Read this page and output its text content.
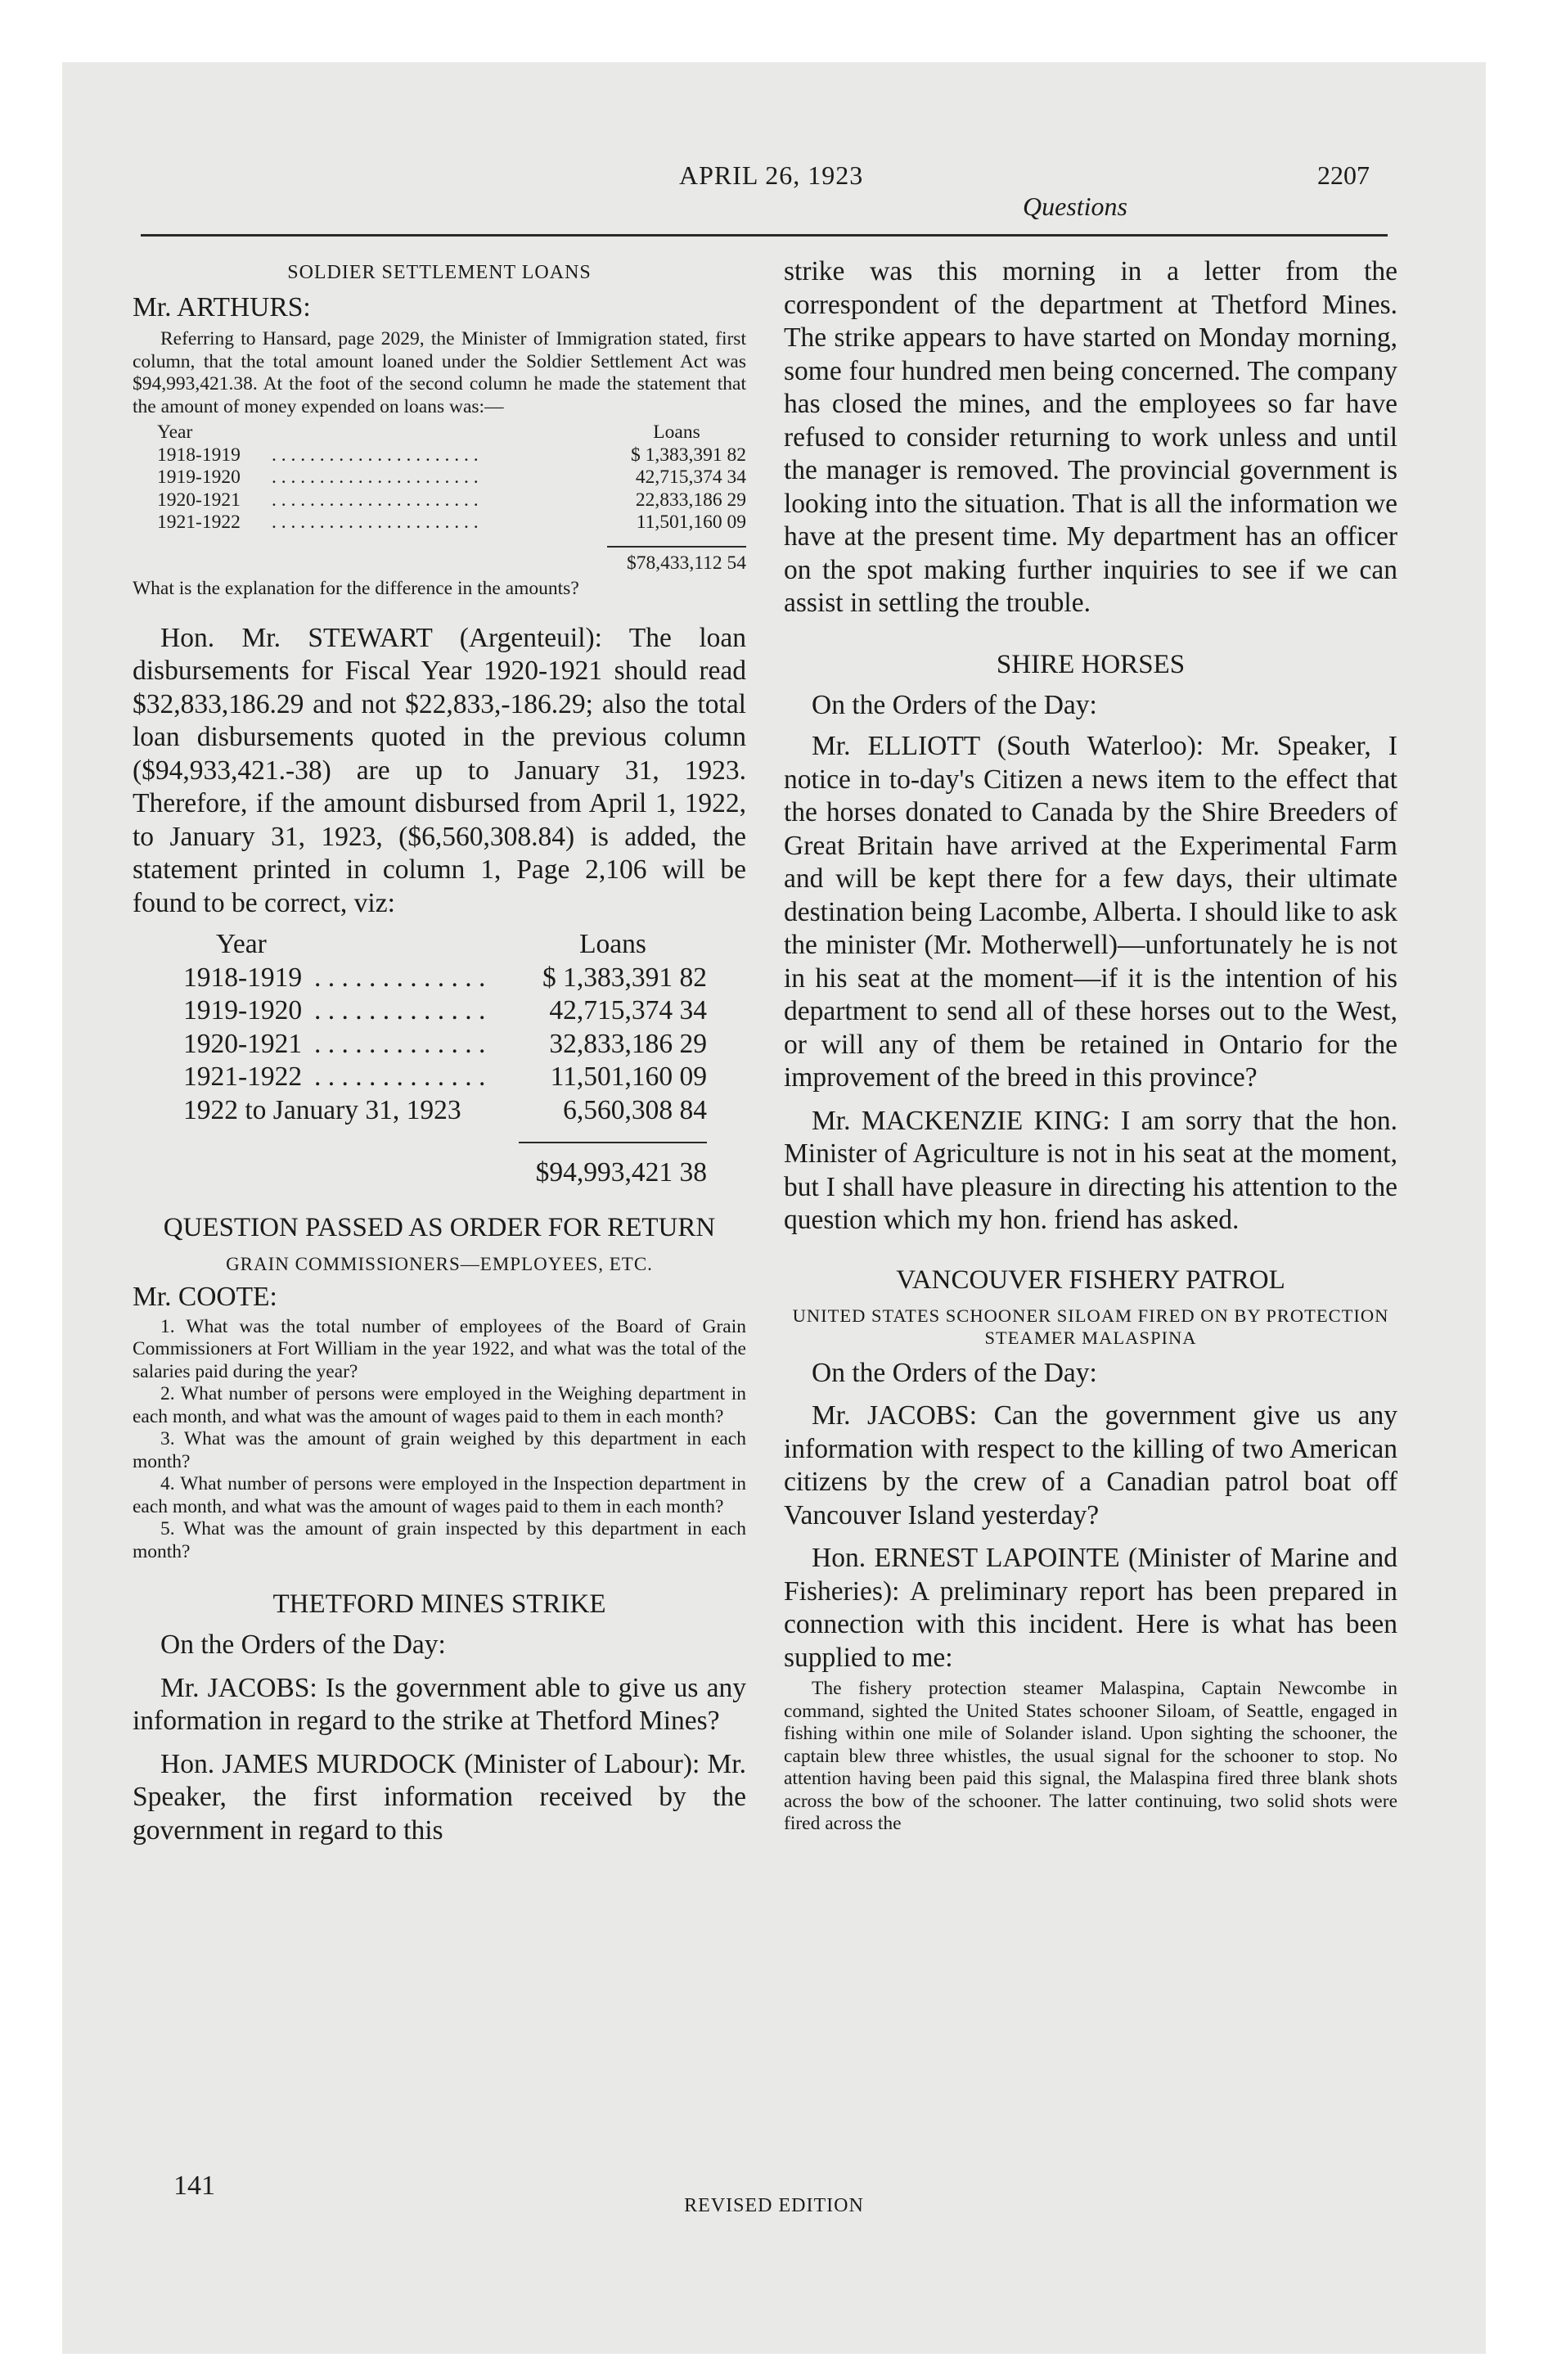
APRIL 26, 1923	2207
Questions

SOLDIER SETTLEMENT LOANS

Mr. ARTHURS:

Referring to Hansard, page 2029, the Minister of Immigration stated, first column, that the total amount loaned under the Soldier Settlement Act was $94,993,421.38. At the foot of the second column he made the statement that the amount of money expended on loans was:—

Year		Loans
1918-1919	. . . . . . . . . . . . . . . . . . . . . .	$ 1,383,391 82
1919-1920	. . . . . . . . . . . . . . . . . . . . . .	42,715,374 34
1920-1921	. . . . . . . . . . . . . . . . . . . . . .	22,833,186 29
1921-1922	. . . . . . . . . . . . . . . . . . . . . .	11,501,160 09

		$78,433,112 54

What is the explanation for the difference in the amounts?

Hon. Mr. STEWART (Argenteuil): The loan disbursements for Fiscal Year 1920-1921 should read $32,833,186.29 and not $22,833,-186.29; also the total loan disbursements quoted in the previous column ($94,933,421.-38) are up to January 31, 1923. Therefore, if the amount disbursed from April 1, 1922, to January 31, 1923, ($6,560,308.84) is added, the statement printed in column 1, Page 2,106 will be found to be correct, viz:

Year		Loans
1918-1919	. . . . . . . . . . . . .	$ 1,383,391 82
1919-1920	. . . . . . . . . . . . .	42,715,374 34
1920-1921	. . . . . . . . . . . . .	32,833,186 29
1921-1922	. . . . . . . . . . . . .	11,501,160 09
1922 to January 31, 1923		6,560,308 84

		$94,993,421 38

QUESTION PASSED AS ORDER FOR RETURN

GRAIN COMMISSIONERS—EMPLOYEES, ETC.

Mr. COOTE:

1. What was the total number of employees of the Board of Grain Commissioners at Fort William in the year 1922, and what was the total of the salaries paid during the year?

2. What number of persons were employed in the Weighing department in each month, and what was the amount of wages paid to them in each month?

3. What was the amount of grain weighed by this department in each month?

4. What number of persons were employed in the Inspection department in each month, and what was the amount of wages paid to them in each month?

5. What was the amount of grain inspected by this department in each month?

THETFORD MINES STRIKE

On the Orders of the Day:

Mr. JACOBS: Is the government able to give us any information in regard to the strike at Thetford Mines?

Hon. JAMES MURDOCK (Minister of Labour): Mr. Speaker, the first information received by the government in regard to this

strike was this morning in a letter from the correspondent of the department at Thetford Mines. The strike appears to have started on Monday morning, some four hundred men being concerned. The company has closed the mines, and the employees so far have refused to consider returning to work unless and until the manager is removed. The provincial government is looking into the situation. That is all the information we have at the present time. My department has an officer on the spot making further inquiries to see if we can assist in settling the trouble.

SHIRE HORSES

On the Orders of the Day:

Mr. ELLIOTT (South Waterloo): Mr. Speaker, I notice in to-day's Citizen a news item to the effect that the horses donated to Canada by the Shire Breeders of Great Britain have arrived at the Experimental Farm and will be kept there for a few days, their ultimate destination being Lacombe, Alberta. I should like to ask the minister (Mr. Motherwell)—unfortunately he is not in his seat at the moment—if it is the intention of his department to send all of these horses out to the West, or will any of them be retained in Ontario for the improvement of the breed in this province?

Mr. MACKENZIE KING: I am sorry that the hon. Minister of Agriculture is not in his seat at the moment, but I shall have pleasure in directing his attention to the question which my hon. friend has asked.

VANCOUVER FISHERY PATROL

UNITED STATES SCHOONER SILOAM FIRED ON BY PROTECTION STEAMER MALASPINA

On the Orders of the Day:

Mr. JACOBS: Can the government give us any information with respect to the killing of two American citizens by the crew of a Canadian patrol boat off Vancouver Island yesterday?

Hon. ERNEST LAPOINTE (Minister of Marine and Fisheries): A preliminary report has been prepared in connection with this incident. Here is what has been supplied to me:

The fishery protection steamer Malaspina, Captain Newcombe in command, sighted the United States schooner Siloam, of Seattle, engaged in fishing within one mile of Solander island. Upon sighting the schooner, the captain blew three whistles, the usual signal for the schooner to stop. No attention having been paid this signal, the Malaspina fired three blank shots across the bow of the schooner. The latter continuing, two solid shots were fired across the

141
REVISED EDITION
